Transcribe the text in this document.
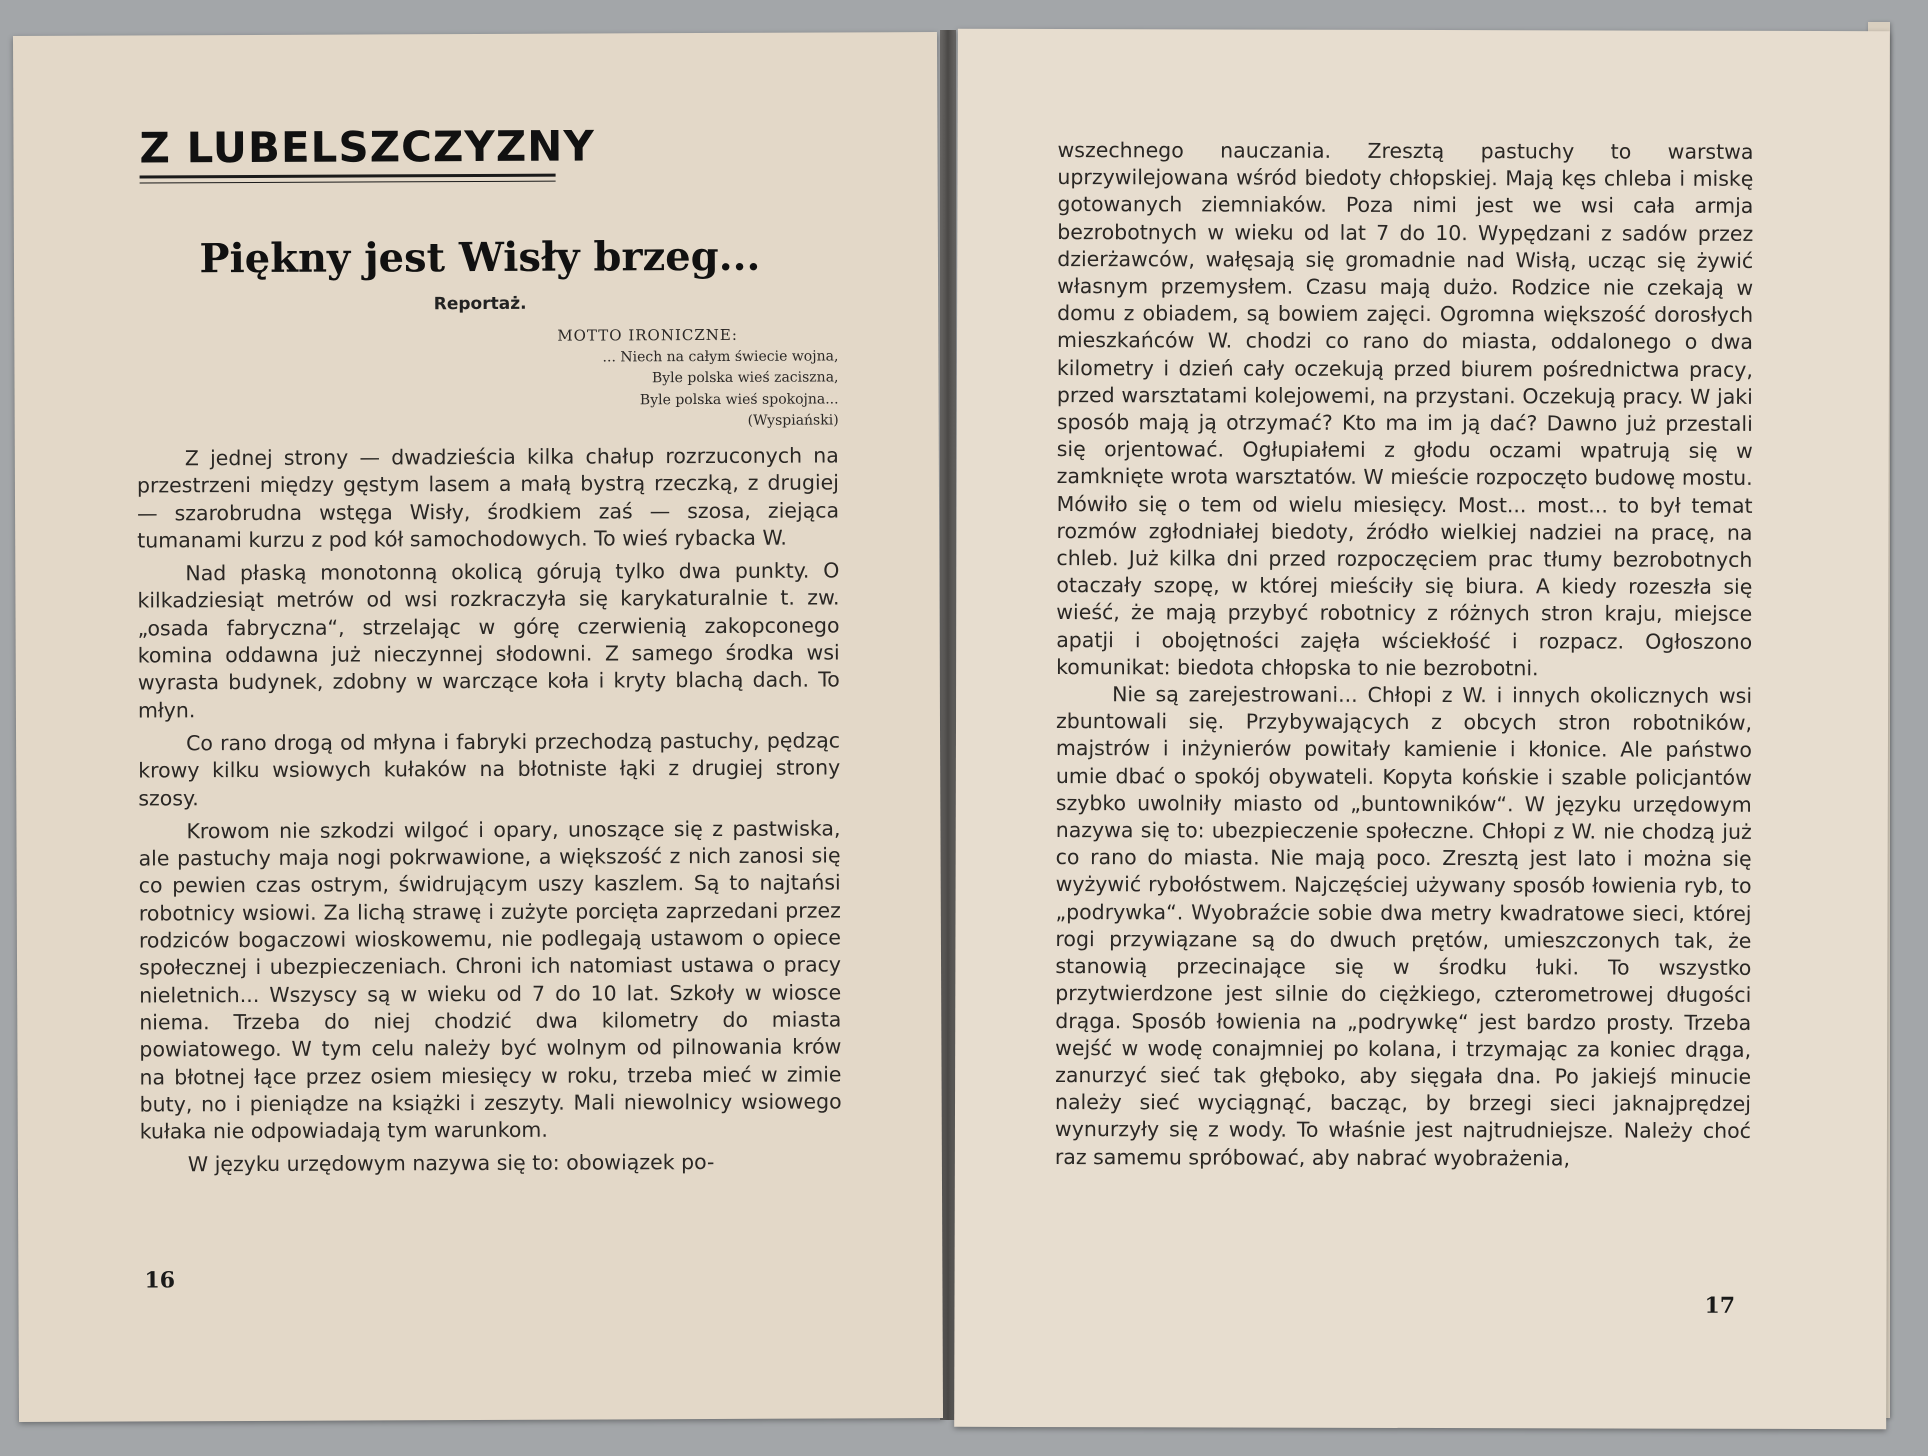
Z LUBELSZCZYZNY
Piękny jest Wisły brzeg...
Reportaż.
MOTTO IRONICZNE:
... Niech na całym świecie wojna,
Byle polska wieś zaciszna,
Byle polska wieś spokojna...
(Wyspiański)

Z jednej strony — dwadzieścia kilka chałup rozrzuconych na przestrzeni między gęstym lasem a małą bystrą rzeczką, z drugiej — szarobrudna wstęga Wisły, środkiem zaś — szosa, ziejąca tumanami kurzu z pod kół samochodowych. To wieś rybacka W.

Nad płaską monotonną okolicą górują tylko dwa punkty. O kilkadziesiąt metrów od wsi rozkraczyła się karykaturalnie t. zw. „osada fabryczna“, strzelając w górę czerwienią zakopconego komina oddawna już nieczynnej słodowni. Z samego środka wsi wyrasta budynek, zdobny w warczące koła i kryty blachą dach. To młyn.

Co rano drogą od młyna i fabryki przechodzą pastuchy, pędząc krowy kilku wsiowych kułaków na błotniste łąki z drugiej strony szosy.

Krowom nie szkodzi wilgoć i opary, unoszące się z pastwiska, ale pastuchy maja nogi pokrwawione, a większość z nich zanosi się co pewien czas ostrym, świdrującym uszy kaszlem. Są to najtańsi robotnicy wsiowi. Za lichą strawę i zużyte porcięta zaprzedani przez rodziców bogaczowi wioskowemu, nie podlegają ustawom o opiece społecznej i ubezpieczeniach. Chroni ich natomiast ustawa o pracy nieletnich... Wszyscy są w wieku od 7 do 10 lat. Szkoły w wiosce niema. Trzeba do niej chodzić dwa kilometry do miasta powiatowego. W tym celu należy być wolnym od pilnowania krów na błotnej łące przez osiem miesięcy w roku, trzeba mieć w zimie buty, no i pieniądze na książki i zeszyty. Mali niewolnicy wsiowego kułaka nie odpowiadają tym warunkom.

W języku urzędowym nazywa się to: obowiązek po-

16

wszechnego nauczania. Zresztą pastuchy to warstwa uprzywilejowana wśród biedoty chłopskiej. Mają kęs chleba i miskę gotowanych ziemniaków. Poza nimi jest we wsi cała armja bezrobotnych w wieku od lat 7 do 10. Wypędzani z sadów przez dzierżawców, wałęsają się gromadnie nad Wisłą, ucząc się żywić własnym przemysłem. Czasu mają dużo. Rodzice nie czekają w domu z obiadem, są bowiem zajęci. Ogromna większość dorosłych mieszkańców W. chodzi co rano do miasta, oddalonego o dwa kilometry i dzień cały oczekują przed biurem pośrednictwa pracy, przed warsztatami kolejowemi, na przystani. Oczekują pracy. W jaki sposób mają ją otrzymać? Kto ma im ją dać? Dawno już przestali się orjentować. Ogłupiałemi z głodu oczami wpatrują się w zamknięte wrota warsztatów. W mieście rozpoczęto budowę mostu. Mówiło się o tem od wielu miesięcy. Most... most... to był temat rozmów zgłodniałej biedoty, źródło wielkiej nadziei na pracę, na chleb. Już kilka dni przed rozpoczęciem prac tłumy bezrobotnych otaczały szopę, w której mieściły się biura. A kiedy rozeszła się wieść, że mają przybyć robotnicy z różnych stron kraju, miejsce apatji i obojętności zajęła wściekłość i rozpacz. Ogłoszono komunikat: biedota chłopska to nie bezrobotni.

Nie są zarejestrowani... Chłopi z W. i innych okolicznych wsi zbuntowali się. Przybywających z obcych stron robotników, majstrów i inżynierów powitały kamienie i kłonice. Ale państwo umie dbać o spokój obywateli. Kopyta końskie i szable policjantów szybko uwolniły miasto od „buntowników“. W języku urzędowym nazywa się to: ubezpieczenie społeczne. Chłopi z W. nie chodzą już co rano do miasta. Nie mają poco. Zresztą jest lato i można się wyżywić rybołóstwem. Najczęściej używany sposób łowienia ryb, to „podrywka“. Wyobraźcie sobie dwa metry kwadratowe sieci, której rogi przywiązane są do dwuch prętów, umieszczonych tak, że stanowią przecinające się w środku łuki. To wszystko przytwierdzone jest silnie do ciężkiego, czterometrowej długości drąga. Sposób łowienia na „podrywkę“ jest bardzo prosty. Trzeba wejść w wodę conajmniej po kolana, i trzymając za koniec drąga, zanurzyć sieć tak głęboko, aby sięgała dna. Po jakiejś minucie należy sieć wyciągnąć, bacząc, by brzegi sieci jaknajprędzej wynurzyły się z wody. To właśnie jest najtrudniejsze. Należy choć raz samemu spróbować, aby nabrać wyobrażenia,

17
